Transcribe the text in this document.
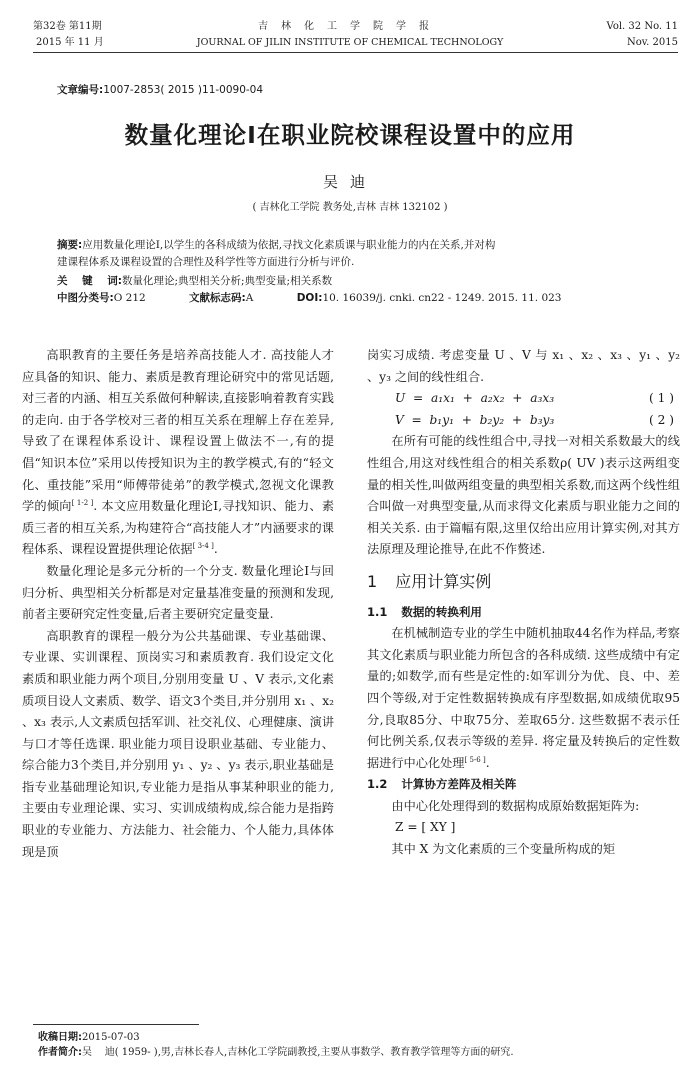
第32卷 第11期
2015 年 11 月
吉林化工学院学报
JOURNAL OF JILIN INSTITUTE OF CHEMICAL TECHNOLOGY
Vol. 32 No. 11
Nov. 2015
文章编号:1007-2853( 2015 )11-0090-04
数量化理论Ⅰ在职业院校课程设置中的应用
吴迪
( 吉林化工学院 教务处,吉林 吉林 132102 )
摘要:应用数量化理论Ⅰ,以学生的各科成绩为依据,寻找文化素质课与职业能力的内在关系,并对构
建课程体系及课程设置的合理性及科学性等方面进行分析与评价.
关    键    词:数量化理论;典型相关分析;典型变量;相关系数
中图分类号:O 212	文献标志码:A	DOI:10. 16039/j. cnki. cn22 - 1249. 2015. 11. 023

高职教育的主要任务是培养高技能人才. 高技能人才应具备的知识、能力、素质是教育理论研究中的常见话题,对三者的内涵、相互关系做何种解读,直接影响着教育实践的走向. 由于各学校对三者的相互关系在理解上存在差异,导致了在课程体系设计、课程设置上做法不一,有的提倡“知识本位”采用以传授知识为主的教学模式,有的“轻文化、重技能”采用“师傅带徒弟”的教学模式,忽视文化课教学的倾向[ 1-2 ]. 本文应用数量化理论Ⅰ,寻找知识、能力、素质三者的相互关系,为构建符合“高技能人才”内涵要求的课程体系、课程设置提供理论依据[ 3-4 ].

数量化理论是多元分析的一个分支. 数量化理论Ⅰ与回归分析、典型相关分析都是对定量基准变量的预测和发现,前者主要研究定性变量,后者主要研究定量变量.

高职教育的课程一般分为公共基础课、专业基础课、专业课、实训课程、顶岗实习和素质教育. 我们设定文化素质和职业能力两个项目,分别用变量 U 、V 表示,文化素质项目设人文素质、数学、语文3个类目,并分别用 x₁ 、x₂ 、x₃ 表示,人文素质包括军训、社交礼仪、心理健康、演讲与口才等任选课. 职业能力项目设职业基础、专业能力、综合能力3个类目,并分别用 y₁ 、y₂ 、y₃ 表示,职业基础是指专业基础理论知识,专业能力是指从事某种职业的能力,主要由专业理论课、实习、实训成绩构成,综合能力是指跨职业的专业能力、方法能力、社会能力、个人能力,具体体现是顶

岗实习成绩. 考虑变量 U 、V 与 x₁ 、x₂ 、x₃ 、y₁ 、y₂ 、y₃ 之间的线性组合.

U  =  a₁x₁  +  a₂x₂  +  a₃x₃	( 1 )
V  =  b₁y₁  +  b₂y₂  +  b₃y₃	( 2 )

在所有可能的线性组合中,寻找一对相关系数最大的线性组合,用这对线性组合的相关系数ρ( UV )表示这两组变量的相关性,叫做两组变量的典型相关系数,而这两个线性组合叫做一对典型变量,从而求得文化素质与职业能力之间的相关关系. 由于篇幅有限,这里仅给出应用计算实例,对其方法原理及理论推导,在此不作赘述.

1 应用计算实例
1.1 数据的转换利用

在机械制造专业的学生中随机抽取44名作为样品,考察其文化素质与职业能力所包含的各科成绩. 这些成绩中有定量的;如数学,而有些是定性的:如军训分为优、良、中、差四个等级,对于定性数据转换成有序型数据,如成绩优取95分,良取85分、中取75分、差取65分. 这些数据不表示任何比例关系,仅表示等级的差异. 将定量及转换后的定性数据进行中心化处理[ 5-6 ].

1.2 计算协方差阵及相关阵

由中心化处理得到的数据构成原始数据矩阵为:

Z = [ XY ]

其中 X 为文化素质的三个变量所构成的矩

收稿日期:2015-07-03
作者简介:吴    迪( 1959- ),男,吉林长春人,吉林化工学院副教授,主要从事数学、教育教学管理等方面的研究.
